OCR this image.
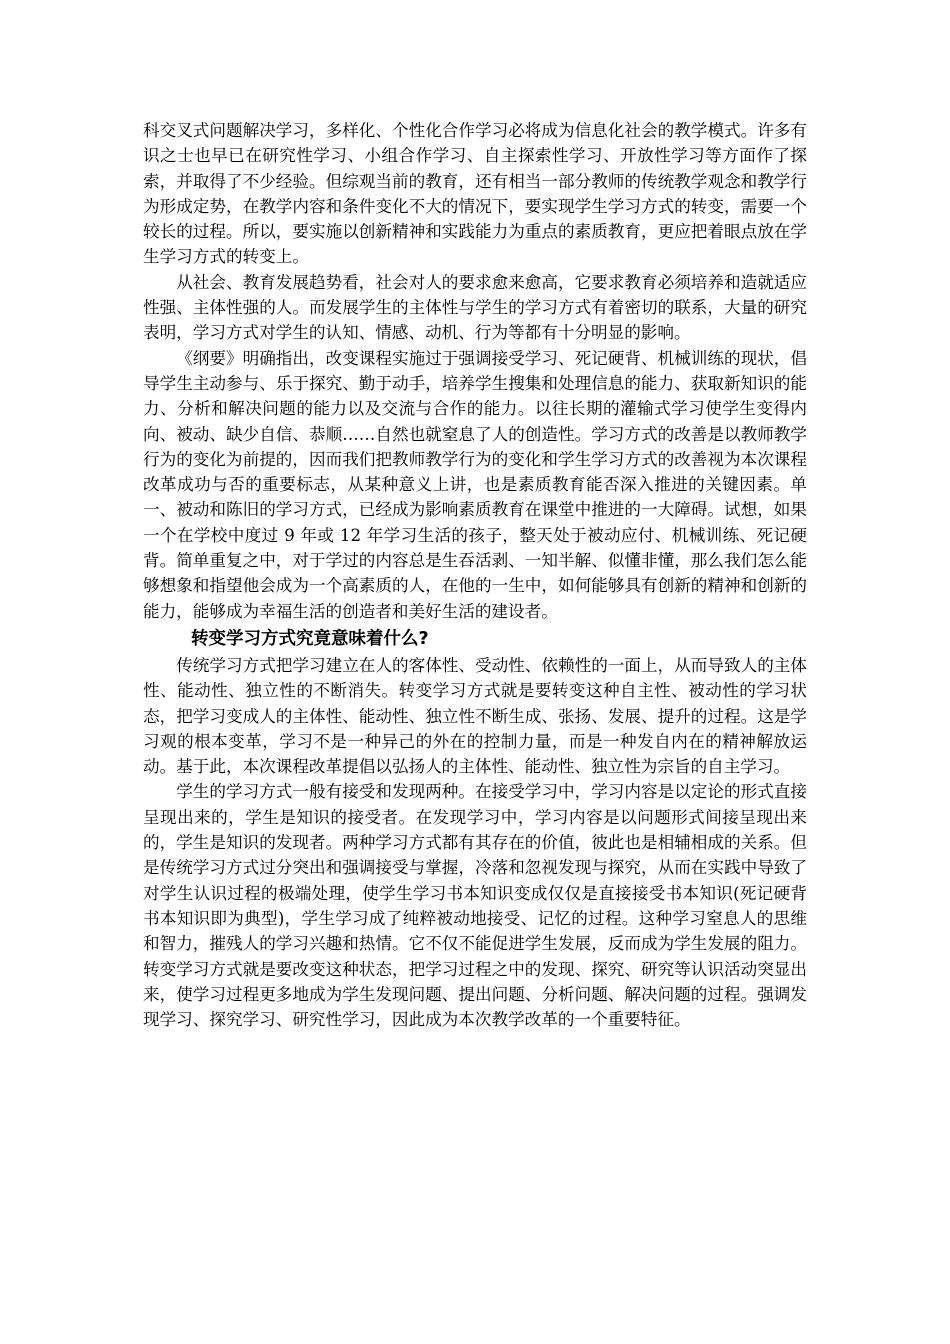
科交叉式问题解决学习，多样化、个性化合作学习必将成为信息化社会的教学模式。许多有识之士也早已在研究性学习、小组合作学习、自主探索性学习、开放性学习等方面作了探索，并取得了不少经验。但综观当前的教育，还有相当一部分教师的传统教学观念和教学行为形成定势，在教学内容和条件变化不大的情况下，要实现学生学习方式的转变，需要一个较长的过程。所以，要实施以创新精神和实践能力为重点的素质教育，更应把着眼点放在学生学习方式的转变上。

从社会、教育发展趋势看，社会对人的要求愈来愈高，它要求教育必须培养和造就适应性强、主体性强的人。而发展学生的主体性与学生的学习方式有着密切的联系，大量的研究表明，学习方式对学生的认知、情感、动机、行为等都有十分明显的影响。

《纲要》明确指出，改变课程实施过于强调接受学习、死记硬背、机械训练的现状，倡导学生主动参与、乐于探究、勤于动手，培养学生搜集和处理信息的能力、获取新知识的能力、分析和解决问题的能力以及交流与合作的能力。以往长期的灌输式学习使学生变得内向、被动、缺少自信、恭顺……自然也就窒息了人的创造性。学习方式的改善是以教师教学行为的变化为前提的，因而我们把教师教学行为的变化和学生学习方式的改善视为本次课程改革成功与否的重要标志，从某种意义上讲，也是素质教育能否深入推进的关键因素。单一、被动和陈旧的学习方式，已经成为影响素质教育在课堂中推进的一大障碍。试想，如果一个在学校中度过 9 年或 12 年学习生活的孩子，整天处于被动应付、机械训练、死记硬背。简单重复之中，对于学过的内容总是生吞活剥、一知半解、似懂非懂，那么我们怎么能够想象和指望他会成为一个高素质的人，在他的一生中，如何能够具有创新的精神和创新的能力，能够成为幸福生活的创造者和美好生活的建设者。

转变学习方式究竟意味着什么?

传统学习方式把学习建立在人的客体性、受动性、依赖性的一面上，从而导致人的主体性、能动性、独立性的不断消失。转变学习方式就是要转变这种自主性、被动性的学习状态，把学习变成人的主体性、能动性、独立性不断生成、张扬、发展、提升的过程。这是学习观的根本变革，学习不是一种异己的外在的控制力量，而是一种发自内在的精神解放运动。基于此，本次课程改革提倡以弘扬人的主体性、能动性、独立性为宗旨的自主学习。

学生的学习方式一般有接受和发现两种。在接受学习中，学习内容是以定论的形式直接呈现出来的，学生是知识的接受者。在发现学习中，学习内容是以问题形式间接呈现出来的，学生是知识的发现者。两种学习方式都有其存在的价值，彼此也是相辅相成的关系。但是传统学习方式过分突出和强调接受与掌握，冷落和忽视发现与探究，从而在实践中导致了对学生认识过程的极端处理，使学生学习书本知识变成仅仅是直接接受书本知识(死记硬背书本知识即为典型)，学生学习成了纯粹被动地接受、记忆的过程。这种学习窒息人的思维和智力，摧残人的学习兴趣和热情。它不仅不能促进学生发展，反而成为学生发展的阻力。转变学习方式就是要改变这种状态，把学习过程之中的发现、探究、研究等认识活动突显出来，使学习过程更多地成为学生发现问题、提出问题、分析问题、解决问题的过程。强调发现学习、探究学习、研究性学习，因此成为本次教学改革的一个重要特征。
